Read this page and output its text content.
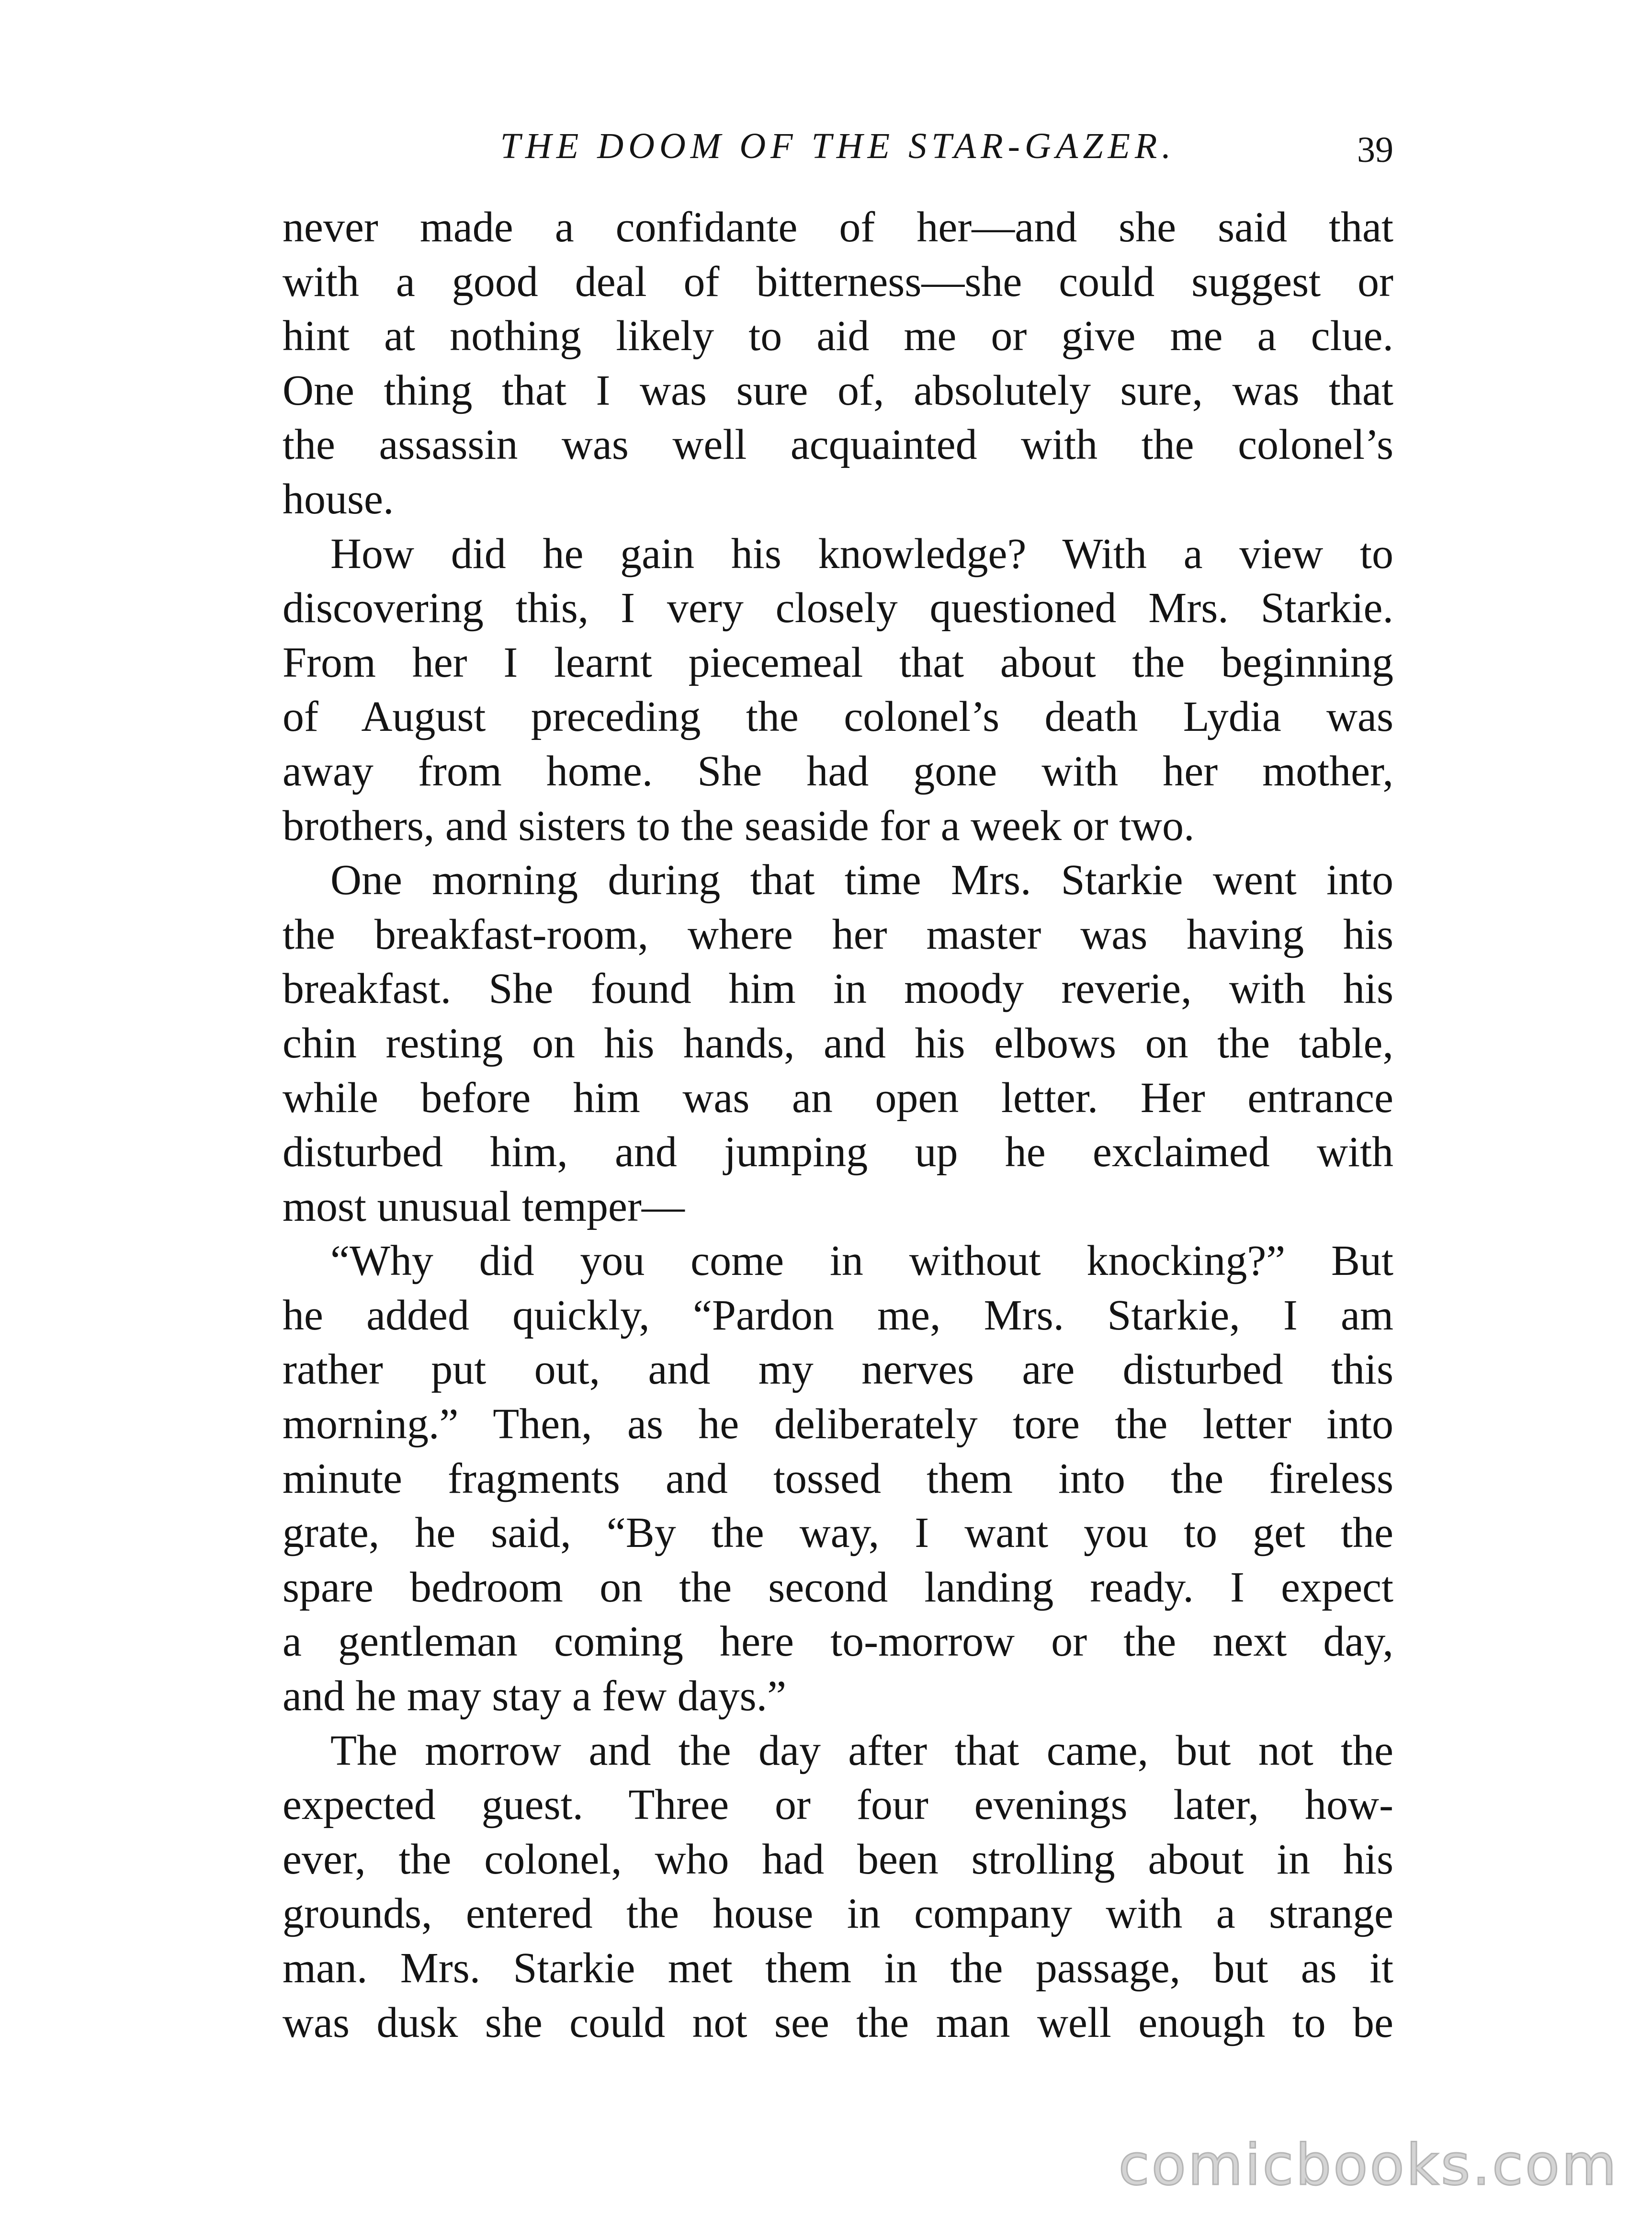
THE DOOM OF THE STAR-GAZER.	39
never made a confidante of her—and she said that
with a good deal of bitterness—she could suggest or
hint at nothing likely to aid me or give me a clue.
One thing that I was sure of, absolutely sure, was that
the assassin was well acquainted with the colonel’s
house.
How did he gain his knowledge? With a view to
discovering this, I very closely questioned Mrs. Starkie.
From her I learnt piecemeal that about the beginning
of August preceding the colonel’s death Lydia was
away from home. She had gone with her mother,
brothers, and sisters to the seaside for a week or two.
One morning during that time Mrs. Starkie went into
the breakfast-room, where her master was having his
breakfast. She found him in moody reverie, with his
chin resting on his hands, and his elbows on the table,
while before him was an open letter. Her entrance
disturbed him, and jumping up he exclaimed with
most unusual temper—
“Why did you come in without knocking?” But
he added quickly, “Pardon me, Mrs. Starkie, I am
rather put out, and my nerves are disturbed this
morning.” Then, as he deliberately tore the letter into
minute fragments and tossed them into the fireless
grate, he said, “By the way, I want you to get the
spare bedroom on the second landing ready. I expect
a gentleman coming here to-morrow or the next day,
and he may stay a few days.”
The morrow and the day after that came, but not the
expected guest. Three or four evenings later, how-
ever, the colonel, who had been strolling about in his
grounds, entered the house in company with a strange
man. Mrs. Starkie met them in the passage, but as it
was dusk she could not see the man well enough to be
comicbooks.com
